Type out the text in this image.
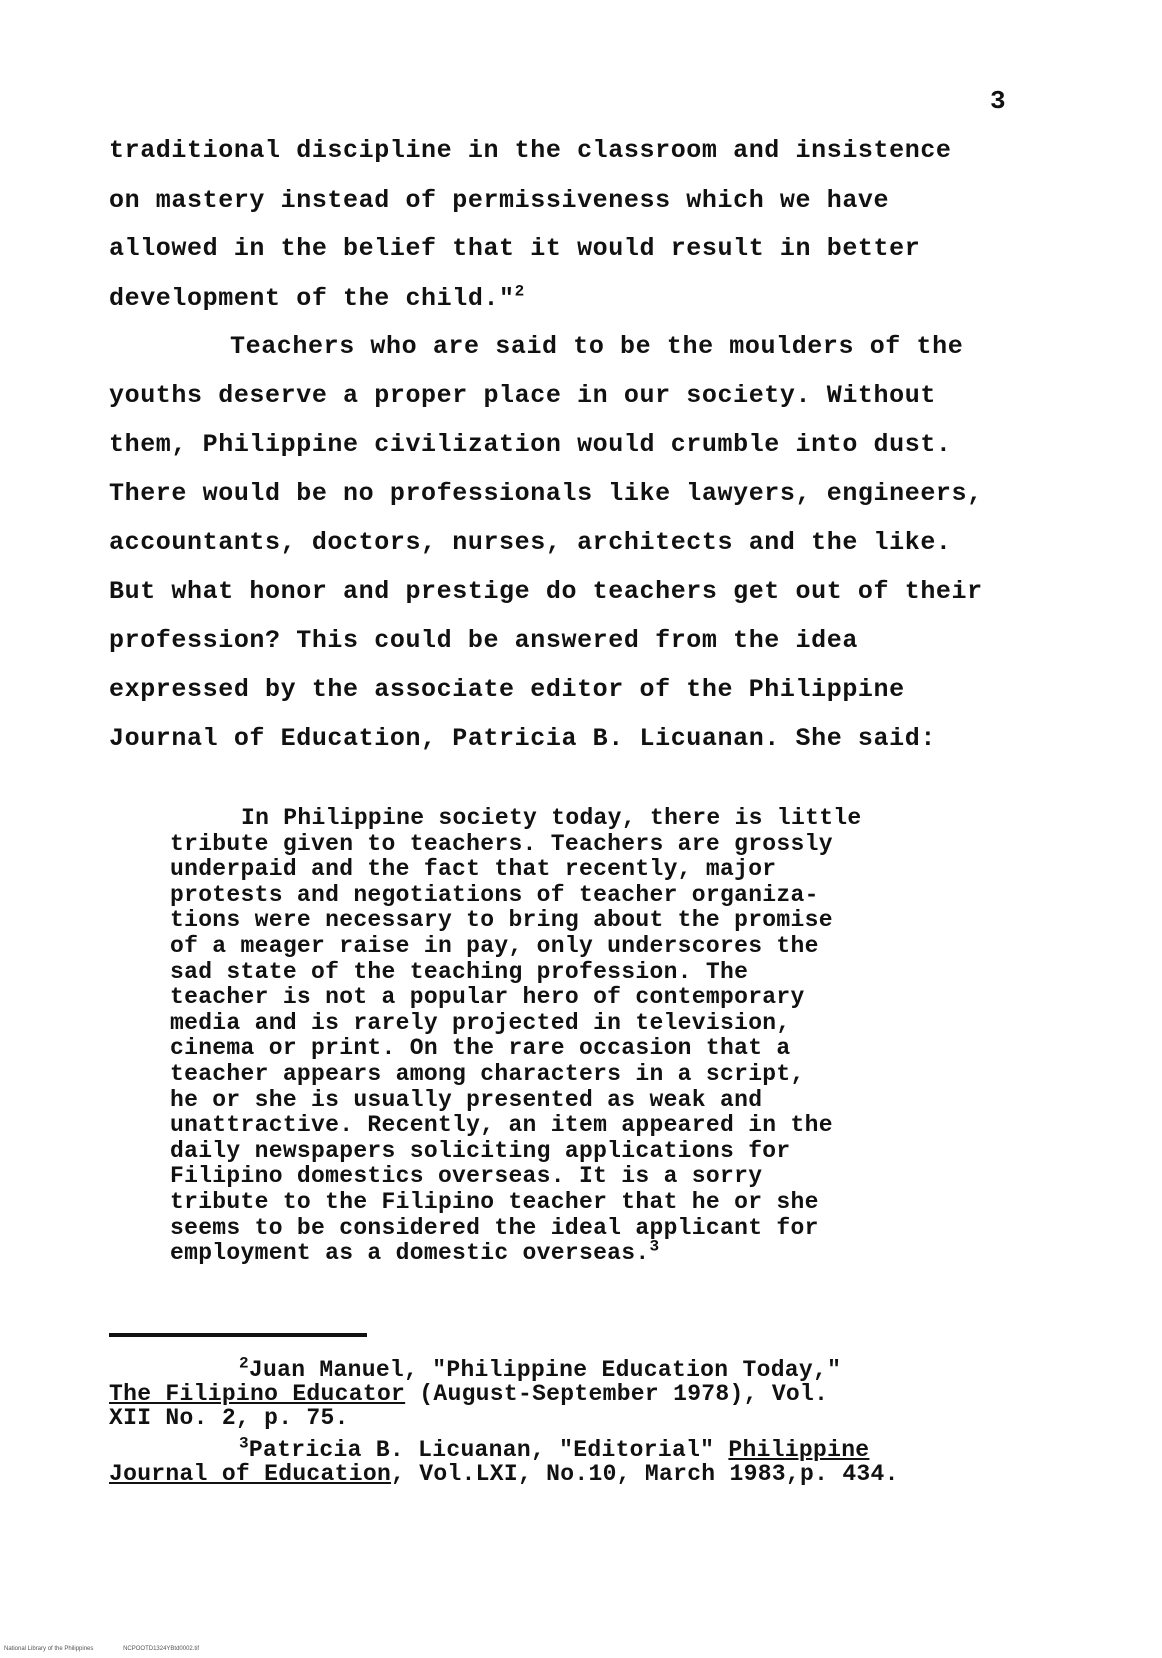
3
traditional discipline in the classroom and insistence
on mastery instead of permissiveness which we have
allowed in the belief that it would result in better
development of the child."$^2$
Teachers who are said to be the moulders of the
youths deserve a proper place in our society. Without
them, Philippine civilization would crumble into dust.
There would be no professionals like lawyers, engineers,
accountants, doctors, nurses, architects and the like.
But what honor and prestige do teachers get out of their
profession? This could be answered from the idea
expressed by the associate editor of the Philippine
Journal of Education, Patricia B. Licuanan. She said:
In Philippine society today, there is little
tribute given to teachers. Teachers are grossly
underpaid and the fact that recently, major
protests and negotiations of teacher organiza-
tions were necessary to bring about the promise
of a meager raise in pay, only underscores the
sad state of the teaching profession. The
teacher is not a popular hero of contemporary
media and is rarely projected in television,
cinema or print. On the rare occasion that a
teacher appears among characters in a script,
he or she is usually presented as weak and
unattractive. Recently, an item appeared in the
daily newspapers soliciting applications for
Filipino domestics overseas. It is a sorry
tribute to the Filipino teacher that he or she
seems to be considered the ideal applicant for
employment as a domestic overseas.$^3$
$^2$Juan Manuel, "Philippine Education Today,"
The Filipino Educator (August-September 1978), Vol.
XII No. 2, p. 75.
$^3$Patricia B. Licuanan, "Editorial" Philippine
Journal of Education, Vol.LXI, No.10, March 1983,p. 434.
National Library of the Philippines	NCPOOTD1324YBtd0002.tif
